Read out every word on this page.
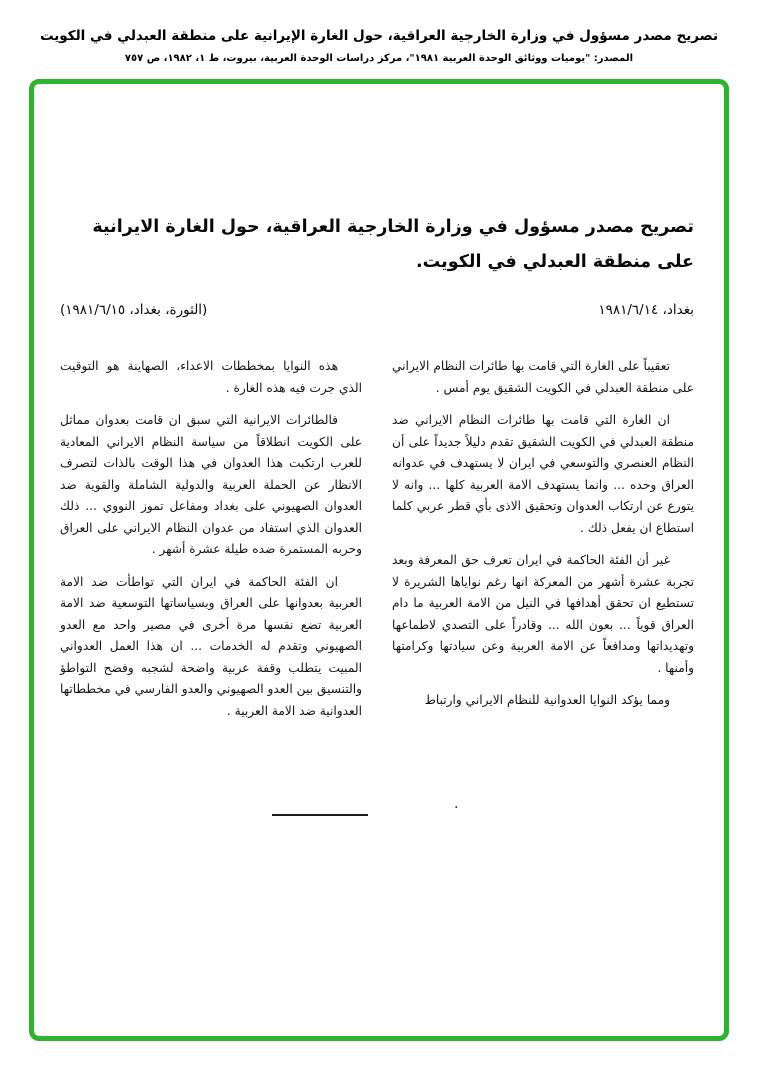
تصريح مصدر مسؤول في وزارة الخارجية العراقية، حول الغارة الإيرانية على منطقة العبدلي في الكويت
المصدر: "يوميات ووثائق الوحدة العربية ١٩٨١"، مركز دراسات الوحدة العربية، بيروت، ط ١، ١٩٨٢، ص ٧٥٧
تصريح مصدر مسؤول في وزارة الخارجية العراقية، حول الغارة الايرانية على منطقة العبدلي في الكويت.
بغداد، ١٩٨١/٦/١٤
(الثورة، بغداد، ١٩٨١/٦/١٥)

تعقيباً على الغارة التي قامت بها طائرات النظام الايراني على منطقة العبدلي في الكويت الشقيق يوم أمس .

ان الغارة التي قامت بها طائرات النظام الايراني ضد منطقة العبدلي في الكويت الشقيق تقدم دليلاً جديداً على أن النظام العنصري والتوسعي في ايران لا يستهدف في عدوانه العراق وحده ... وانما يستهدف الامة العربية كلها ... وانه لا يتورع عن ارتكاب العدوان وتحقيق الاذى بأي قطر عربي كلما استطاع ان يفعل ذلك .

غير أن الفئة الحاكمة في ايران تعرف حق المعرفة وبعد تجربة عشرة أشهر من المعركة انها رغم نواياها الشريرة لا تستطيع ان تحقق أهدافها في النيل من الامة العربية ما دام العراق قوياً ... بعون الله ... وقادراً على التصدي لاطماعها وتهديداتها ومدافعاً عن الامة العربية وعن سيادتها وكرامتها وأمنها .

ومما يؤكد النوايا العدوانية للنظام الايراني وارتباط

هذه النوايا بمخططات الاعداء، الصهاينة هو التوقيت الذي جرت فيه هذه الغارة .

فالطائرات الايرانية التي سبق ان قامت بعدوان مماثل على الكويت انطلاقاً من سياسة النظام الايراني المعادية للعرب ارتكبت هذا العدوان في هذا الوقت بالذات لتصرف الانظار عن الحملة العربية والدولية الشاملة والقوية ضد العدوان الصهيوني على بغداد ومفاعل تموز النووي ... ذلك العدوان الذي استفاد من عدوان النظام الايراني على العراق وحربه المستمرة ضده طيلة عشرة أشهر .

ان الفئة الحاكمة في ايران التي تواطأت ضد الامة العربية بعدوانها على العراق وبسياساتها التوسعية ضد الامة العربية تضع نفسها مرة أخرى في مصير واحد مع العدو الصهيوني وتقدم له الخدمات ... ان هذا العمل العدواني المبيت يتطلب وقفة عربية واضحة لشجبه وفضح التواطؤ والتنسيق بين العدو الصهيوني والعدو الفارسي في مخططاتها العدوانية ضد الامة العربية .

.
